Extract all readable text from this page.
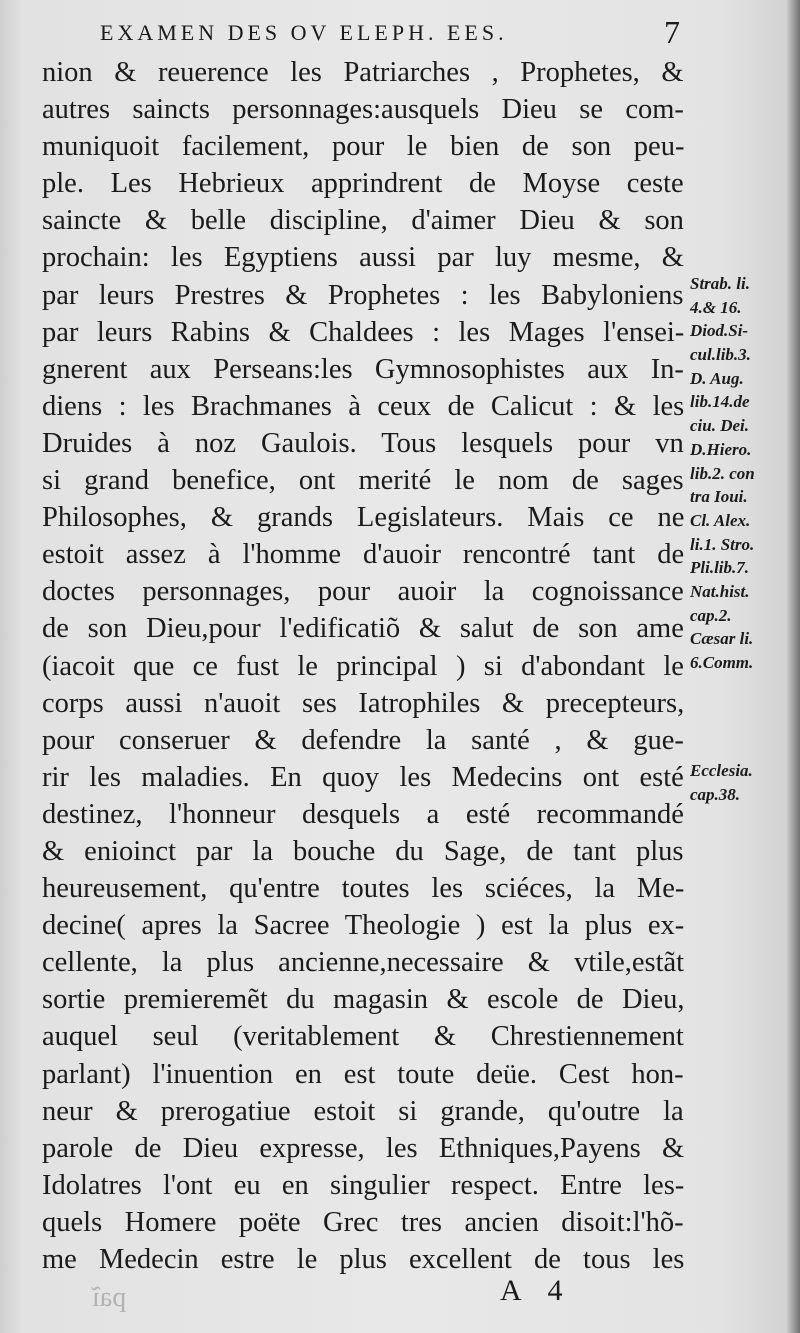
EXAMEN DES OV ELEPH. EES.	7
nion & reuerence les Patriarches , Prophetes, &
autres saincts personnages:ausquels Dieu se com-
muniquoit facilement, pour le bien de son peu-
ple. Les Hebrieux apprindrent de Moyse ceste
saincte & belle discipline, d'aimer Dieu & son
prochain: les Egyptiens aussi par luy mesme, &
par leurs Prestres & Prophetes : les Babyloniens
par leurs Rabins & Chaldees : les Mages l'ensei-
gnerent aux Perseans:les Gymnosophistes aux In-
diens : les Brachmanes à ceux de Calicut : & les
Druides à noz Gaulois. Tous lesquels pour vn
si grand benefice, ont merité le nom de sages
Philosophes, & grands Legislateurs. Mais ce ne
estoit assez à l'homme d'auoir rencontré tant de
doctes personnages, pour auoir la cognoissance
de son Dieu,pour l'edificatiõ & salut de son ame
(iacoit que ce fust le principal ) si d'abondant le
corps aussi n'auoit ses Iatrophiles & precepteurs,
pour conseruer & defendre la santé , & gue-
rir les maladies. En quoy les Medecins ont esté
destinez, l'honneur desquels a esté recommandé
& enioinct par la bouche du Sage, de tant plus
heureusement, qu'entre toutes les sciéces, la Me-
decine( apres la Sacree Theologie ) est la plus ex-
cellente, la plus ancienne,necessaire & vtile,estãt
sortie premieremẽt du magasin & escole de Dieu,
auquel seul (veritablement & Chrestiennement
parlant) l'inuention en est toute deüe. Cest hon-
neur & prerogatiue estoit si grande, qu'outre la
parole de Dieu expresse, les Ethniques,Payens &
Idolatres l'ont eu en singulier respect. Entre les-
quels Homere poëte Grec tres ancien disoit:l'hõ-
me Medecin estre le plus excellent de tous les
Strab. li.
4.& 16.
Diod.Si-
cul.lib.3.
D. Aug.
lib.14.de
ciu. Dei.
D.Hiero.
lib.2. con
tra Ioui.
Cl. Alex.
li.1. Stro.
Pli.lib.7.
Nat.hist.
cap.2.
Cæsar li.
6.Comm.
Ecclesia.
cap.38.
A 4
paĩ
